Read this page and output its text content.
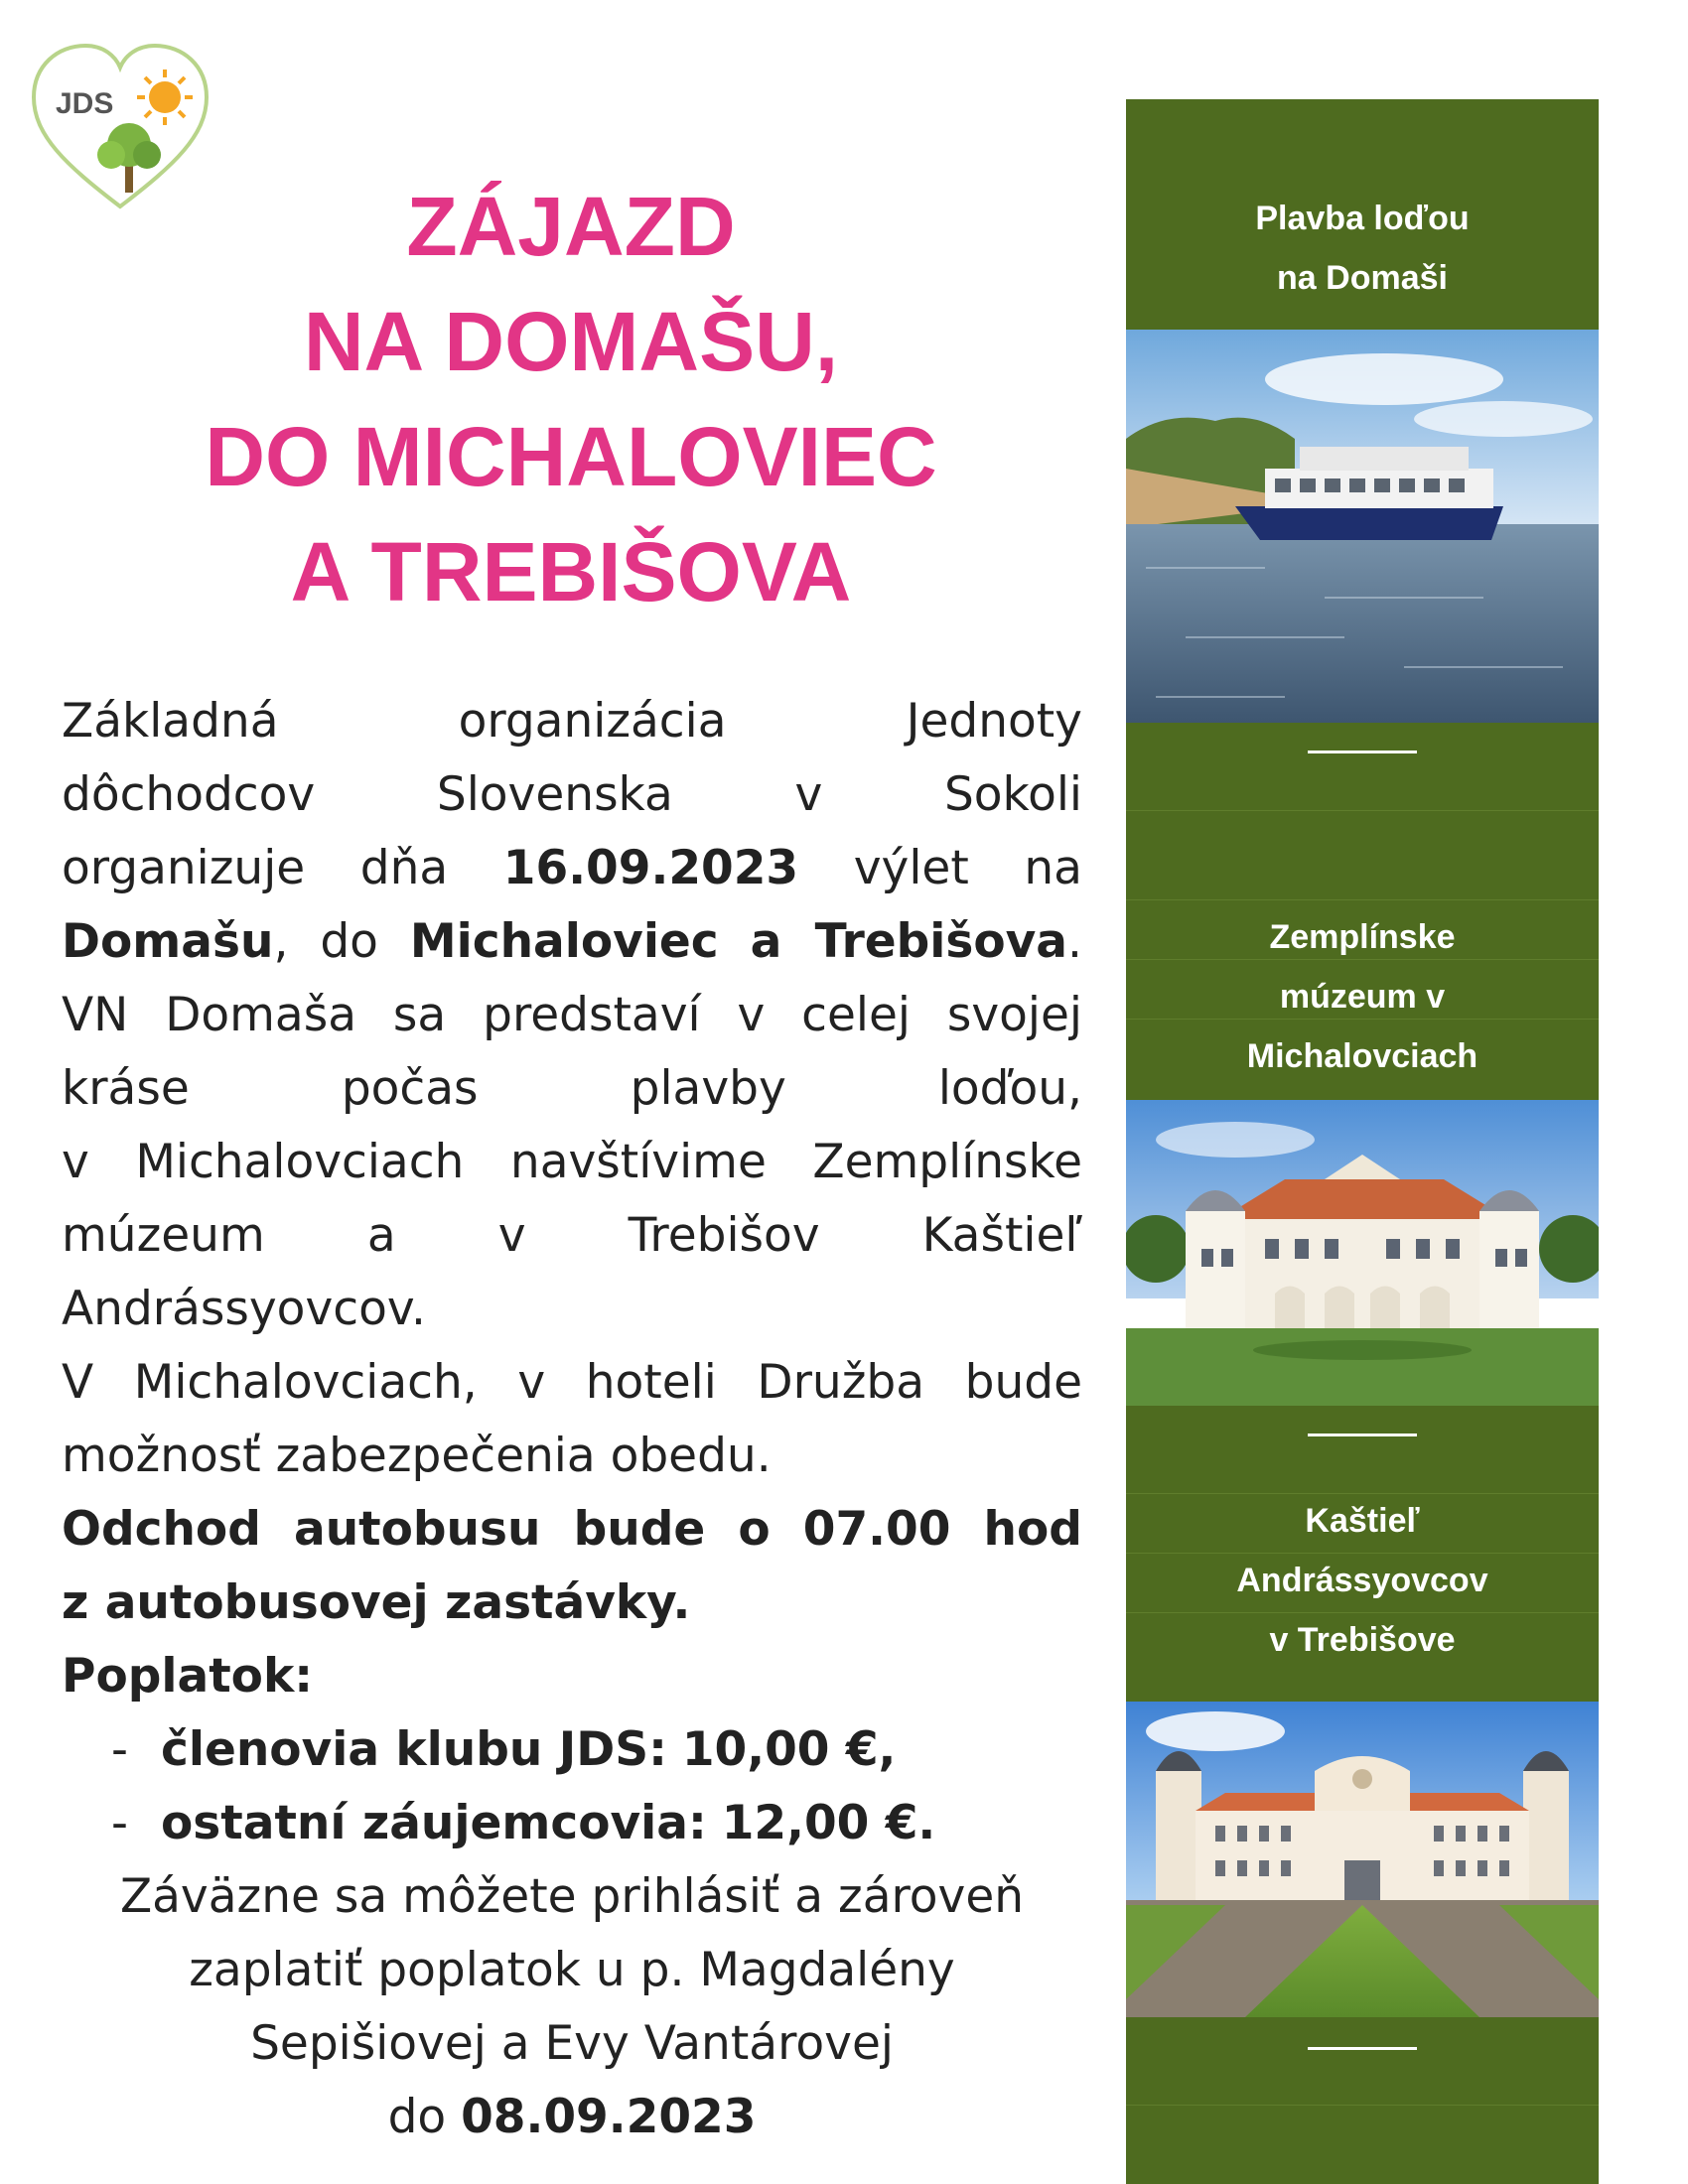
JDS
ZÁJAZD
NA DOMAŠU,
DO MICHALOVIEC
A TREBIŠOVA
Základná	organizácia	Jednoty
dôchodcov	Slovenska	v	Sokoli
organizuje dňa 16.09.2023 výlet na
Domašu, do Michaloviec a Trebišova.
VN Domaša sa predstaví v celej svojej
kráse	počas	plavby	loďou,
v Michalovciach navštívime Zemplínske
múzeum a v Trebišov Kaštieľ
Andrássyovcov.
V Michalovciach, v hoteli Družba bude
možnosť zabezpečenia obedu.
Odchod autobusu bude o 07.00 hod
z autobusovej zastávky.
Poplatok:
- členovia klubu JDS: 10,00 €,
- ostatní záujemcovia: 12,00 €.
Záväzne sa môžete prihlásiť a zároveň
zaplatiť poplatok u p. Magdalény
Sepišiovej a Evy Vantárovej
do 08.09.2023
Plavba loďou
na Domaši
Zemplínske
múzeum v
Michalovciach
Kaštieľ
Andrássyovcov
v Trebišove
